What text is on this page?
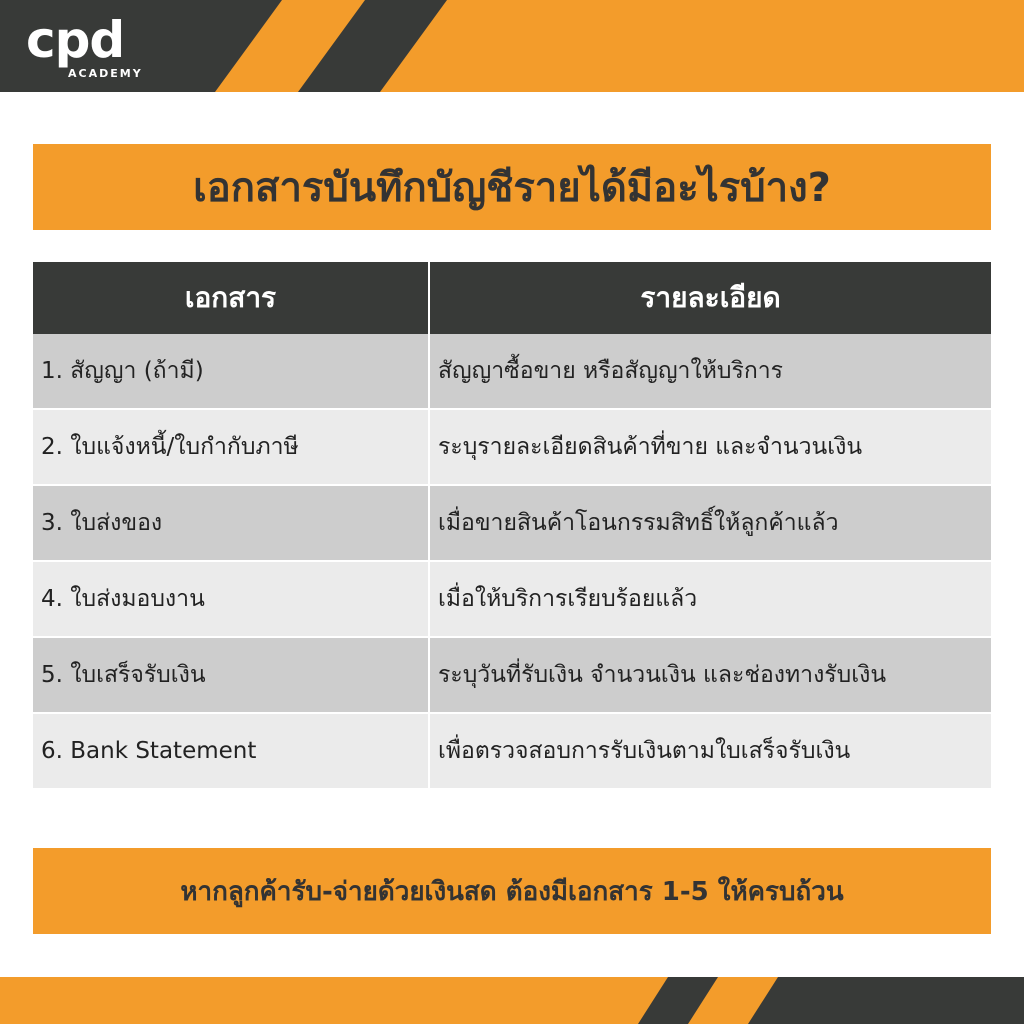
cpd
ACADEMY
เอกสารบันทึกบัญชีรายได้มีอะไรบ้าง?
เอกสาร	รายละเอียด
1. สัญญา (ถ้ามี)	สัญญาซื้อขาย หรือสัญญาให้บริการ
2. ใบแจ้งหนี้/ใบกำกับภาษี	ระบุรายละเอียดสินค้าที่ขาย และจำนวนเงิน
3. ใบส่งของ	เมื่อขายสินค้าโอนกรรมสิทธิ์ให้ลูกค้าแล้ว
4. ใบส่งมอบงาน	เมื่อให้บริการเรียบร้อยแล้ว
5. ใบเสร็จรับเงิน	ระบุวันที่รับเงิน จำนวนเงิน และช่องทางรับเงิน
6. Bank Statement	เพื่อตรวจสอบการรับเงินตามใบเสร็จรับเงิน
หากลูกค้ารับ-จ่ายด้วยเงินสด ต้องมีเอกสาร 1-5 ให้ครบถ้วน
